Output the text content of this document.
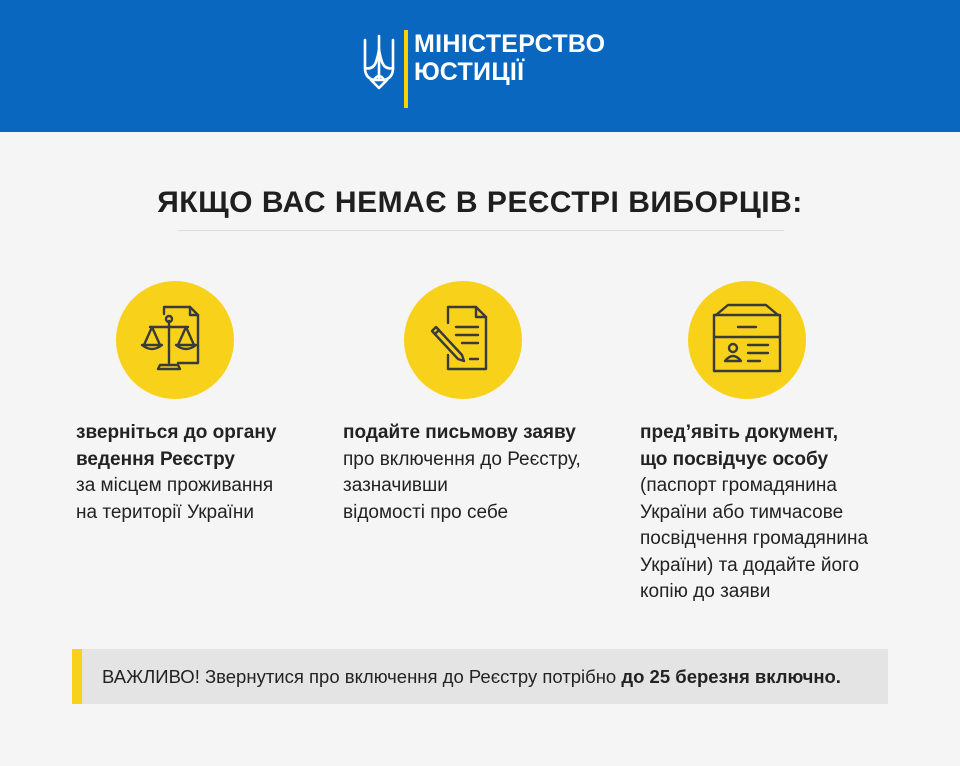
МІНІСТЕРСТВО
ЮСТИЦІЇ
ЯКЩО ВАС НЕМАЄ В РЕЄСТРІ ВИБОРЦІВ:
зверніться до органу
ведення Реєстру
за місцем проживання
на території України
подайте письмову заяву
про включення до Реєстру,
зазначивши
відомості про себе
пред’явіть документ,
що посвідчує особу
(паспорт громадянина
України або тимчасове
посвідчення громадянина
України) та додайте його
копію до заяви
ВАЖЛИВО! Звернутися про включення до Реєстру потрібно до 25 березня включно.
